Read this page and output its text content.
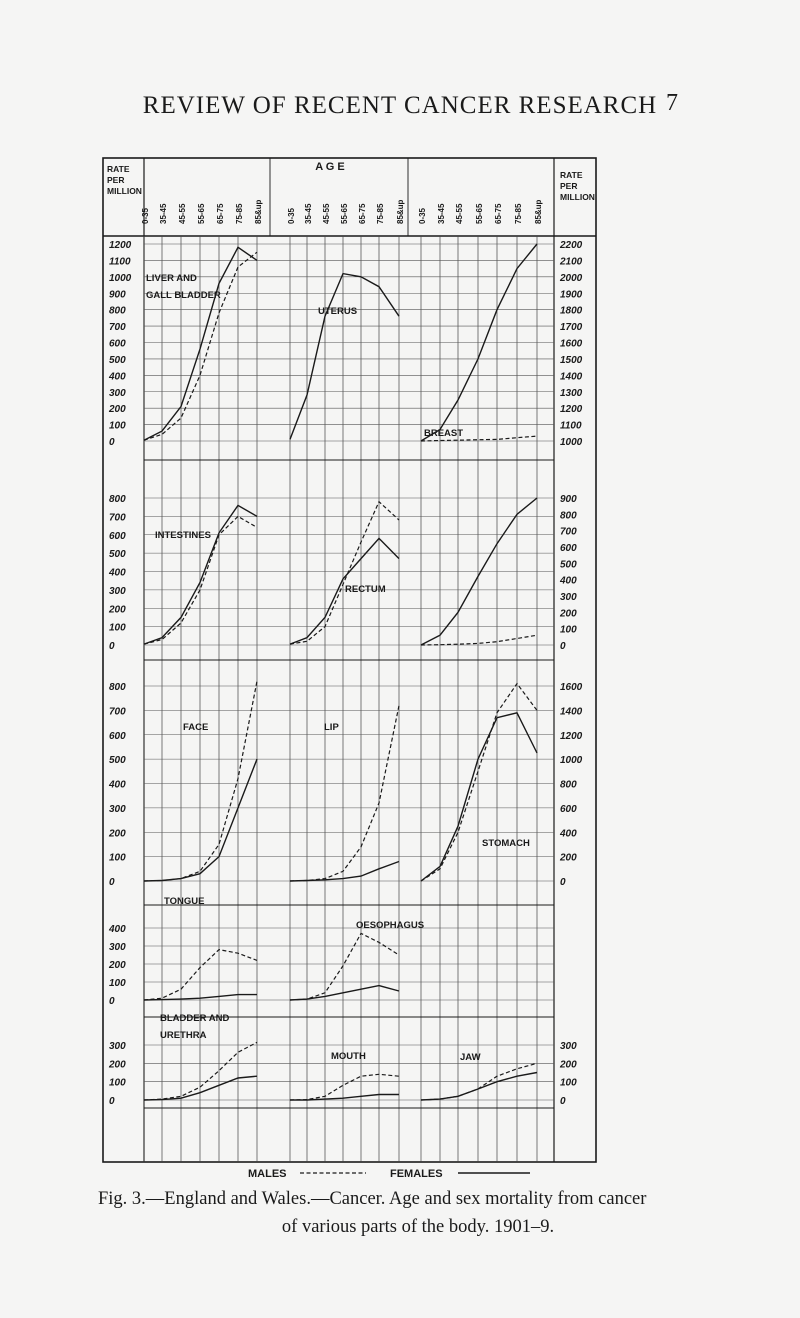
REVIEW OF RECENT CANCER RESEARCH 7
RATE
PER
MILLION
RATE
PER
MILLION
A G E
0-35 35-45 45-55 55-65 65-75 75-85 85&up	0-35 35-45 45-55 55-65 65-75 75-85 85&up 0-35 35-45 45-55 55-65 65-75 75-85 85&up
1200
1100
1000
900
800
700
600
500
400
300
200
100
0
2200
2100
2000
1900
1800
1700
1600
1500
1400
1300
1200
1100
1000
800
700
600
500
400
300
200
100
0
900
800
700
600
500
400
300
200
100
0
800
700
600
500
400
300
200
100
0
1600
1400
1200
1000
800
600
400
200
0
400
300
200
100
0
300
200
100
0
300
200
100
0
LIVER AND
GALL BLADDER
UTERUS
BREAST
INTESTINES
RECTUM
FACE	LIP
STOMACH
TONGUE
OESOPHAGUS
BLADDER AND
URETHRA
MOUTH	JAW
MALES	FEMALES
Fig. 3.—England and Wales.—Cancer. Age and sex mortality from cancer
of various parts of the body. 1901–9.
